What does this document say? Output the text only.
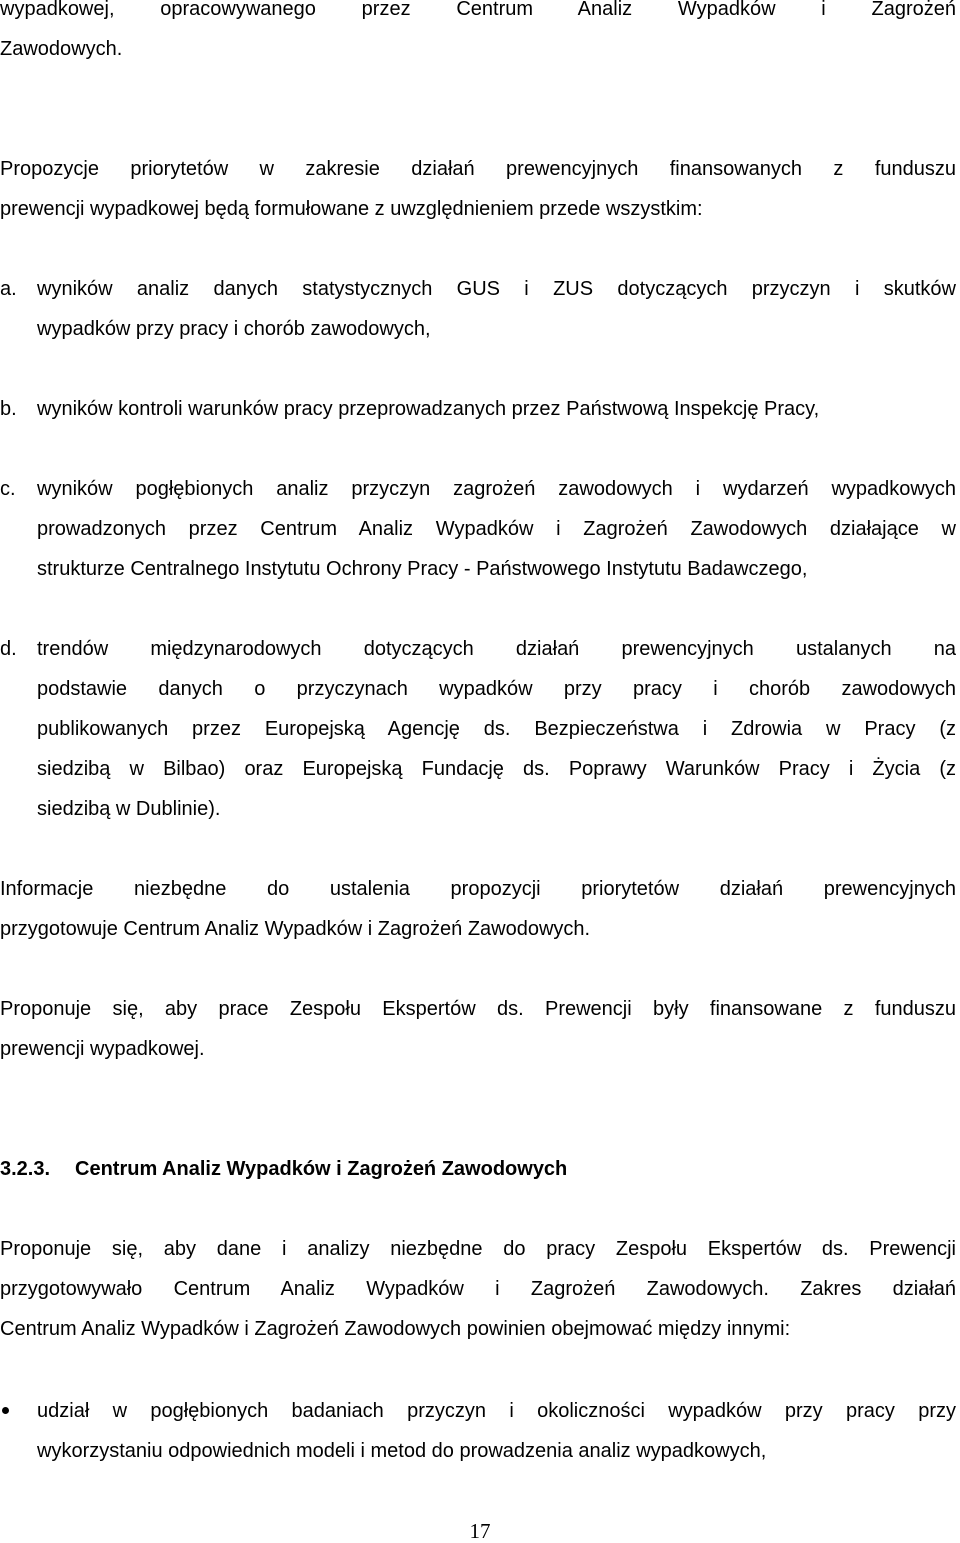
wypadkowej, opracowywanego przez Centrum Analiz Wypadków i Zagrożeń
Zawodowych.
Propozycje priorytetów w zakresie działań prewencyjnych finansowanych z funduszu
prewencji wypadkowej będą formułowane z uwzględnieniem przede wszystkim:
a. wyników analiz danych statystycznych GUS i ZUS dotyczących przyczyn i skutków
wypadków przy pracy i chorób zawodowych,
b. wyników kontroli warunków pracy przeprowadzanych przez Państwową Inspekcję Pracy,
c. wyników pogłębionych analiz przyczyn zagrożeń zawodowych i wydarzeń wypadkowych
prowadzonych przez Centrum Analiz Wypadków i Zagrożeń Zawodowych działające w
strukturze Centralnego Instytutu Ochrony Pracy - Państwowego Instytutu Badawczego,
d. trendów międzynarodowych dotyczących działań prewencyjnych ustalanych na
podstawie danych o przyczynach wypadków przy pracy i chorób zawodowych
publikowanych przez Europejską Agencję ds. Bezpieczeństwa i Zdrowia w Pracy (z
siedzibą w Bilbao) oraz Europejską Fundację ds. Poprawy Warunków Pracy i Życia (z
siedzibą w Dublinie).
Informacje niezbędne do ustalenia propozycji priorytetów działań prewencyjnych
przygotowuje Centrum Analiz Wypadków i Zagrożeń Zawodowych.
Proponuje się, aby prace Zespołu Ekspertów ds. Prewencji były finansowane z funduszu
prewencji wypadkowej.
3.2.3. Centrum Analiz Wypadków i Zagrożeń Zawodowych
Proponuje się, aby dane i analizy niezbędne do pracy Zespołu Ekspertów ds. Prewencji
przygotowywało Centrum Analiz Wypadków i Zagrożeń Zawodowych. Zakres działań
Centrum Analiz Wypadków i Zagrożeń Zawodowych powinien obejmować między innymi:
udział w pogłębionych badaniach przyczyn i okoliczności wypadków przy pracy przy
wykorzystaniu odpowiednich modeli i metod do prowadzenia analiz wypadkowych,
17
